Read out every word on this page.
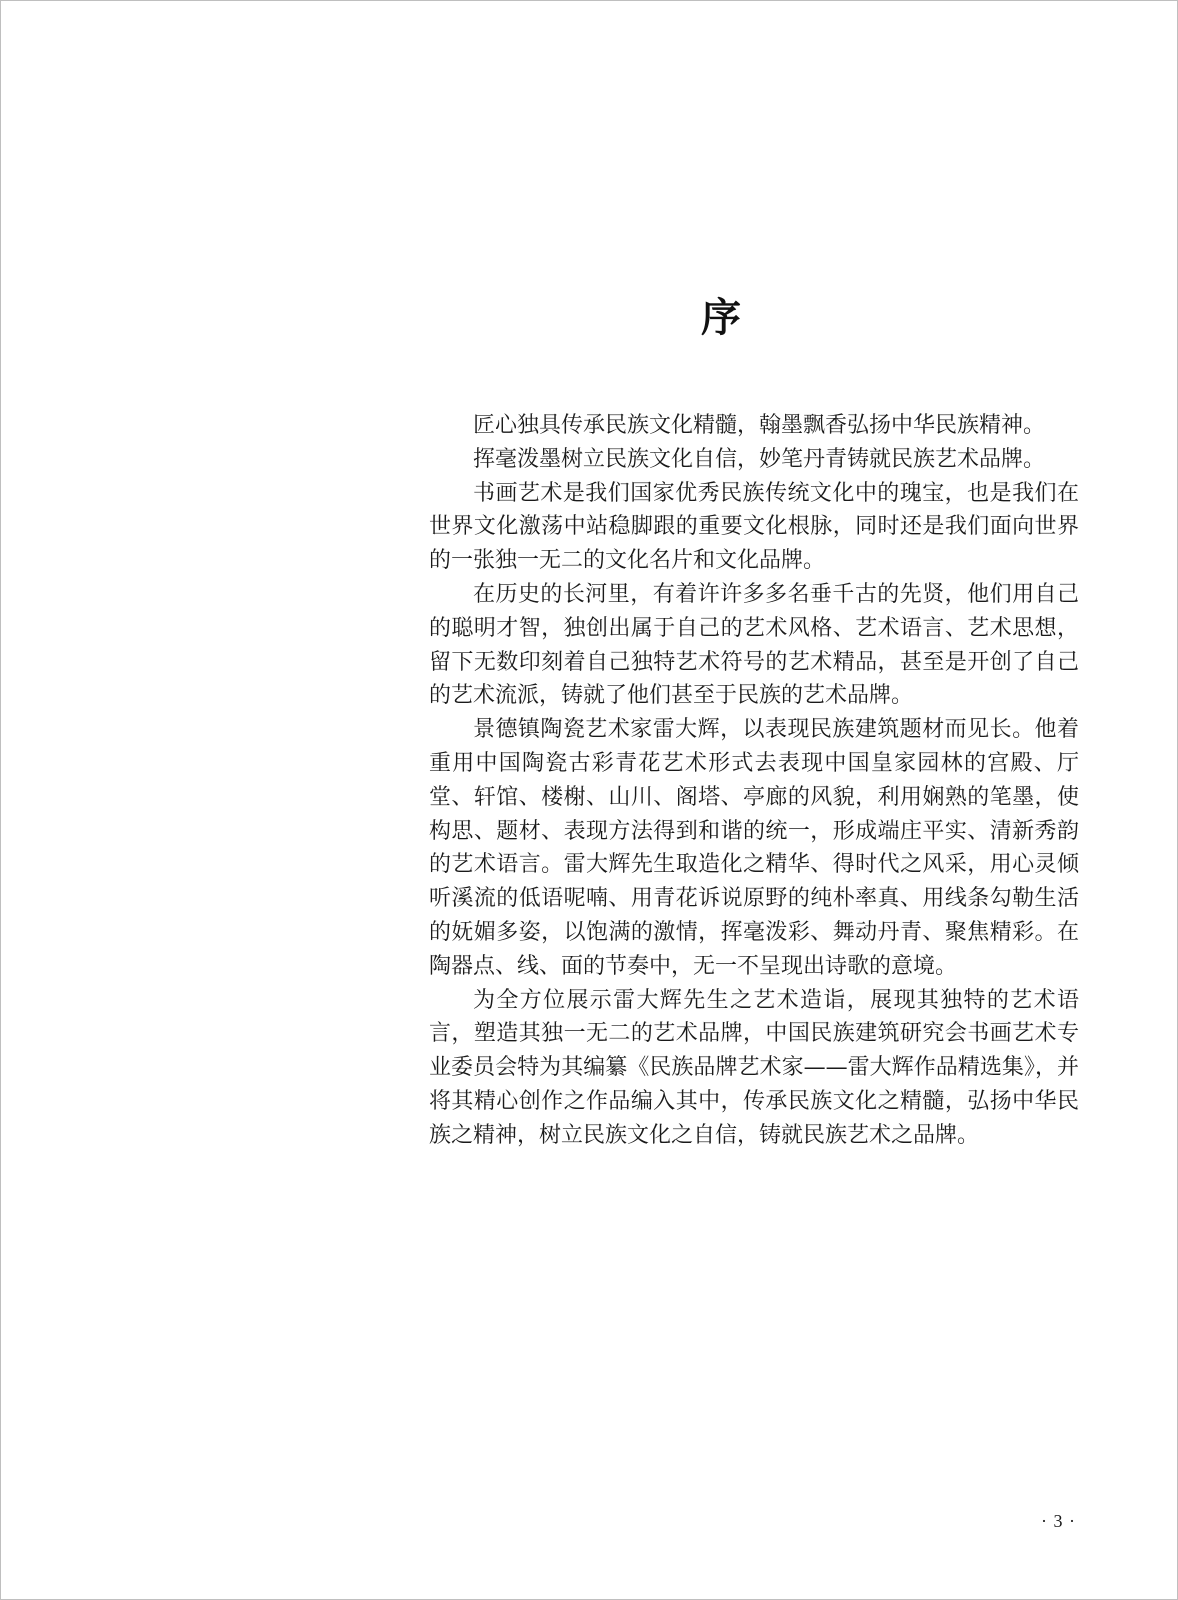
序

匠心独具传承民族文化精髓，翰墨飘香弘扬中华民族精神。

挥毫泼墨树立民族文化自信，妙笔丹青铸就民族艺术品牌。

书画艺术是我们国家优秀民族传统文化中的瑰宝，也是我们在世界文化激荡中站稳脚跟的重要文化根脉，同时还是我们面向世界的一张独一无二的文化名片和文化品牌。

在历史的长河里，有着许许多多名垂千古的先贤，他们用自己的聪明才智，独创出属于自己的艺术风格、艺术语言、艺术思想，留下无数印刻着自己独特艺术符号的艺术精品，甚至是开创了自己的艺术流派，铸就了他们甚至于民族的艺术品牌。

景德镇陶瓷艺术家雷大辉，以表现民族建筑题材而见长。他着重用中国陶瓷古彩青花艺术形式去表现中国皇家园林的宫殿、厅堂、轩馆、楼榭、山川、阁塔、亭廊的风貌，利用娴熟的笔墨，使构思、题材、表现方法得到和谐的统一，形成端庄平实、清新秀韵的艺术语言。雷大辉先生取造化之精华、得时代之风采，用心灵倾听溪流的低语呢喃、用青花诉说原野的纯朴率真、用线条勾勒生活的妩媚多姿，以饱满的激情，挥毫泼彩、舞动丹青、聚焦精彩。在陶器点、线、面的节奏中，无一不呈现出诗歌的意境。

为全方位展示雷大辉先生之艺术造诣，展现其独特的艺术语言，塑造其独一无二的艺术品牌，中国民族建筑研究会书画艺术专业委员会特为其编纂《民族品牌艺术家——雷大辉作品精选集》，并将其精心创作之作品编入其中，传承民族文化之精髓，弘扬中华民族之精神，树立民族文化之自信，铸就民族艺术之品牌。

· 3 ·
